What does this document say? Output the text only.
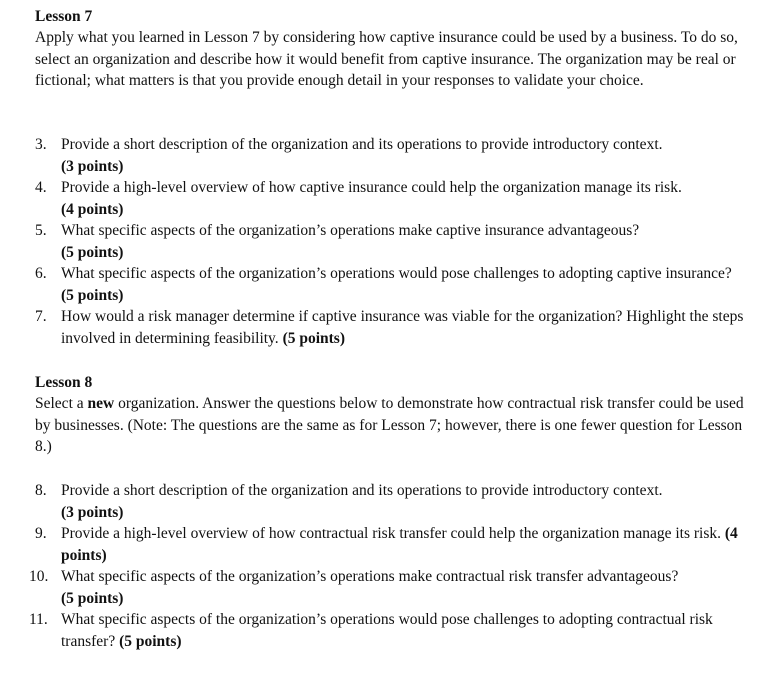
Lesson 7

Apply what you learned in Lesson 7 by considering how captive insurance could be used by a business. To do so, select an organization and describe how it would benefit from captive insurance. The organization may be real or fictional; what matters is that you provide enough detail in your responses to validate your choice.

3. Provide a short description of the organization and its operations to provide introductory context.
(3 points)
4. Provide a high-level overview of how captive insurance could help the organization manage its risk.
(4 points)
5. What specific aspects of the organization’s operations make captive insurance advantageous?
(5 points)
6. What specific aspects of the organization’s operations would pose challenges to adopting captive insurance? (5 points)
7. How would a risk manager determine if captive insurance was viable for the organization? Highlight the steps involved in determining feasibility. (5 points)

Lesson 8

Select a new organization. Answer the questions below to demonstrate how contractual risk transfer could be used by businesses. (Note: The questions are the same as for Lesson 7; however, there is one fewer question for Lesson 8.)

8. Provide a short description of the organization and its operations to provide introductory context.
(3 points)
9. Provide a high-level overview of how contractual risk transfer could help the organization manage its risk. (4 points)
10. What specific aspects of the organization’s operations make contractual risk transfer advantageous?
(5 points)
11. What specific aspects of the organization’s operations would pose challenges to adopting contractual risk transfer? (5 points)
